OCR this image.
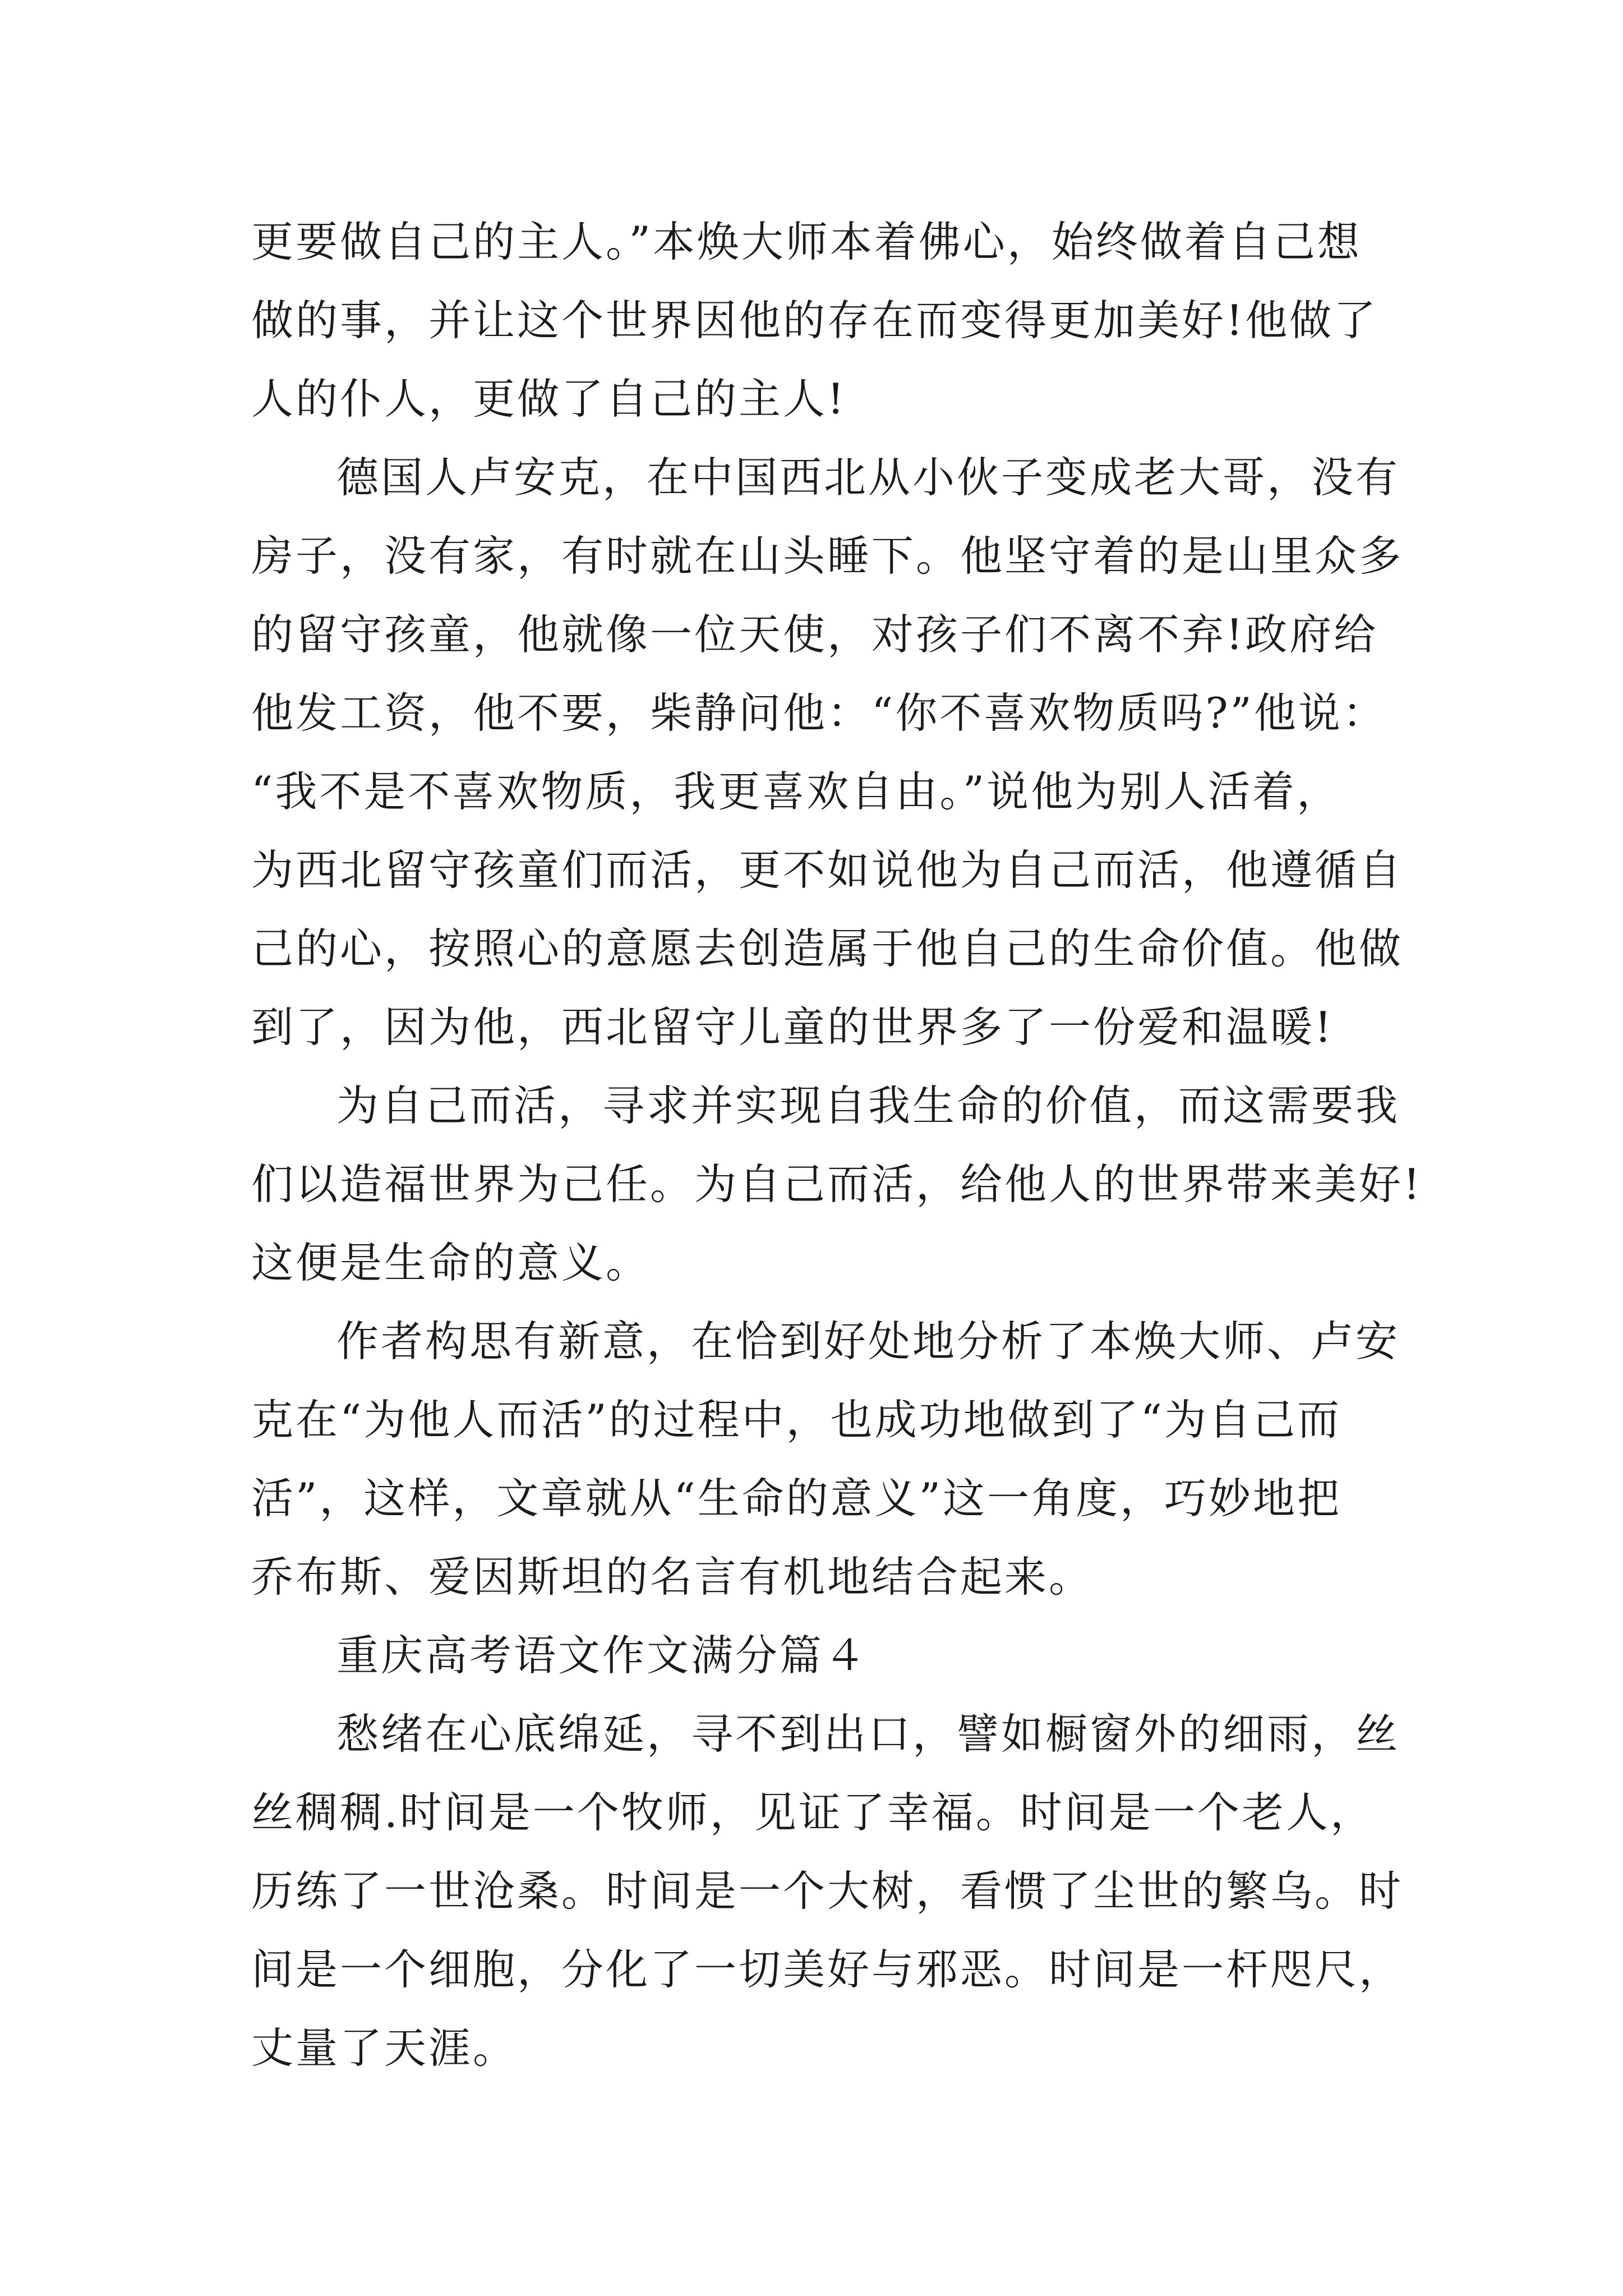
更要做自己的主人。”本焕大师本着佛心，始终做着自己想

做的事，并让这个世界因他的存在而变得更加美好!他做了

人的仆人，更做了自己的主人!

德国人卢安克，在中国西北从小伙子变成老大哥，没有

房子，没有家，有时就在山头睡下。他坚守着的是山里众多

的留守孩童，他就像一位天使，对孩子们不离不弃!政府给

他发工资，他不要，柴静问他：“你不喜欢物质吗?”他说：

“我不是不喜欢物质，我更喜欢自由。”说他为别人活着，

为西北留守孩童们而活，更不如说他为自己而活，他遵循自

己的心，按照心的意愿去创造属于他自己的生命价值。他做

到了，因为他，西北留守儿童的世界多了一份爱和温暖!

为自己而活，寻求并实现自我生命的价值，而这需要我

们以造福世界为己任。为自己而活，给他人的世界带来美好!

这便是生命的意义。

作者构思有新意，在恰到好处地分析了本焕大师、卢安

克在“为他人而活”的过程中，也成功地做到了“为自己而

活”，这样，文章就从“生命的意义”这一角度，巧妙地把

乔布斯、爱因斯坦的名言有机地结合起来。

重庆高考语文作文满分篇４

愁绪在心底绵延，寻不到出口，譬如橱窗外的细雨，丝

丝稠稠.时间是一个牧师，见证了幸福。时间是一个老人，

历练了一世沧桑。时间是一个大树，看惯了尘世的繁乌。时

间是一个细胞，分化了一切美好与邪恶。时间是一杆咫尺，

丈量了天涯。
